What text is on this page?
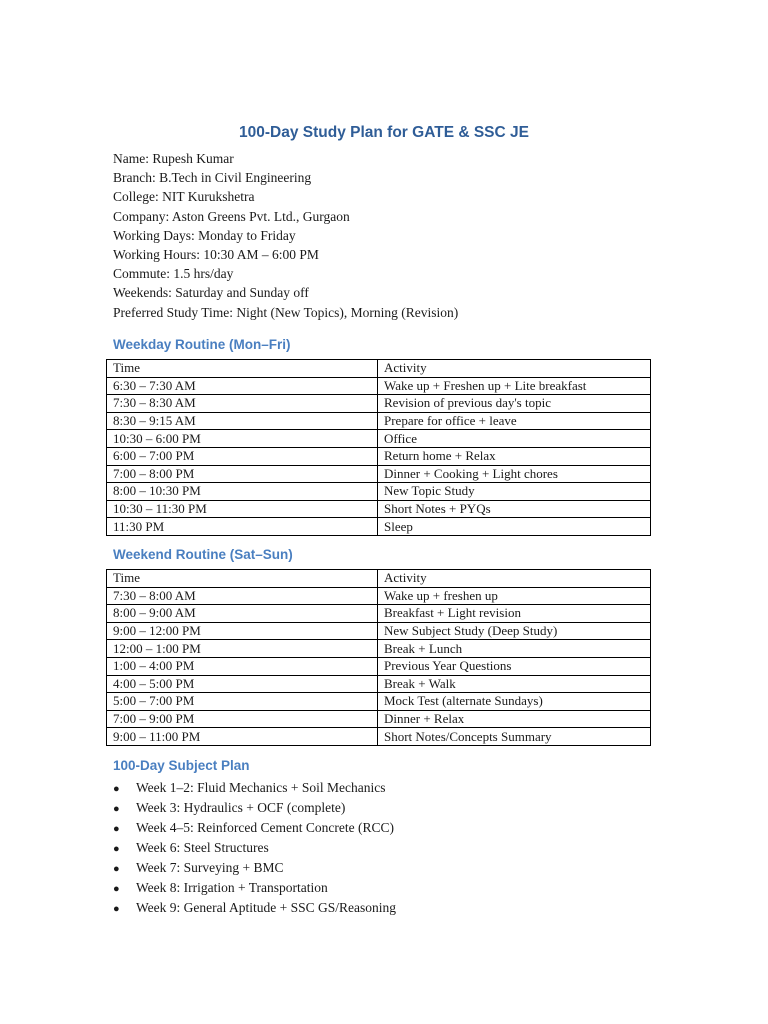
100-Day Study Plan for GATE & SSC JE
Name: Rupesh Kumar
Branch: B.Tech in Civil Engineering
College: NIT Kurukshetra
Company: Aston Greens Pvt. Ltd., Gurgaon
Working Days: Monday to Friday
Working Hours: 10:30 AM – 6:00 PM
Commute: 1.5 hrs/day
Weekends: Saturday and Sunday off
Preferred Study Time: Night (New Topics), Morning (Revision)
Weekday Routine (Mon–Fri)
Time	Activity
6:30 – 7:30 AM	Wake up + Freshen up + Lite breakfast
7:30 – 8:30 AM	Revision of previous day's topic
8:30 – 9:15 AM	Prepare for office + leave
10:30 – 6:00 PM	Office
6:00 – 7:00 PM	Return home + Relax
7:00 – 8:00 PM	Dinner + Cooking + Light chores
8:00 – 10:30 PM	New Topic Study
10:30 – 11:30 PM	Short Notes + PYQs
11:30 PM	Sleep
Weekend Routine (Sat–Sun)
Time	Activity
7:30 – 8:00 AM	Wake up + freshen up
8:00 – 9:00 AM	Breakfast + Light revision
9:00 – 12:00 PM	New Subject Study (Deep Study)
12:00 – 1:00 PM	Break + Lunch
1:00 – 4:00 PM	Previous Year Questions
4:00 – 5:00 PM	Break + Walk
5:00 – 7:00 PM	Mock Test (alternate Sundays)
7:00 – 9:00 PM	Dinner + Relax
9:00 – 11:00 PM	Short Notes/Concepts Summary
100-Day Subject Plan
● Week 1–2: Fluid Mechanics + Soil Mechanics
● Week 3: Hydraulics + OCF (complete)
● Week 4–5: Reinforced Cement Concrete (RCC)
● Week 6: Steel Structures
● Week 7: Surveying + BMC
● Week 8: Irrigation + Transportation
● Week 9: General Aptitude + SSC GS/Reasoning
